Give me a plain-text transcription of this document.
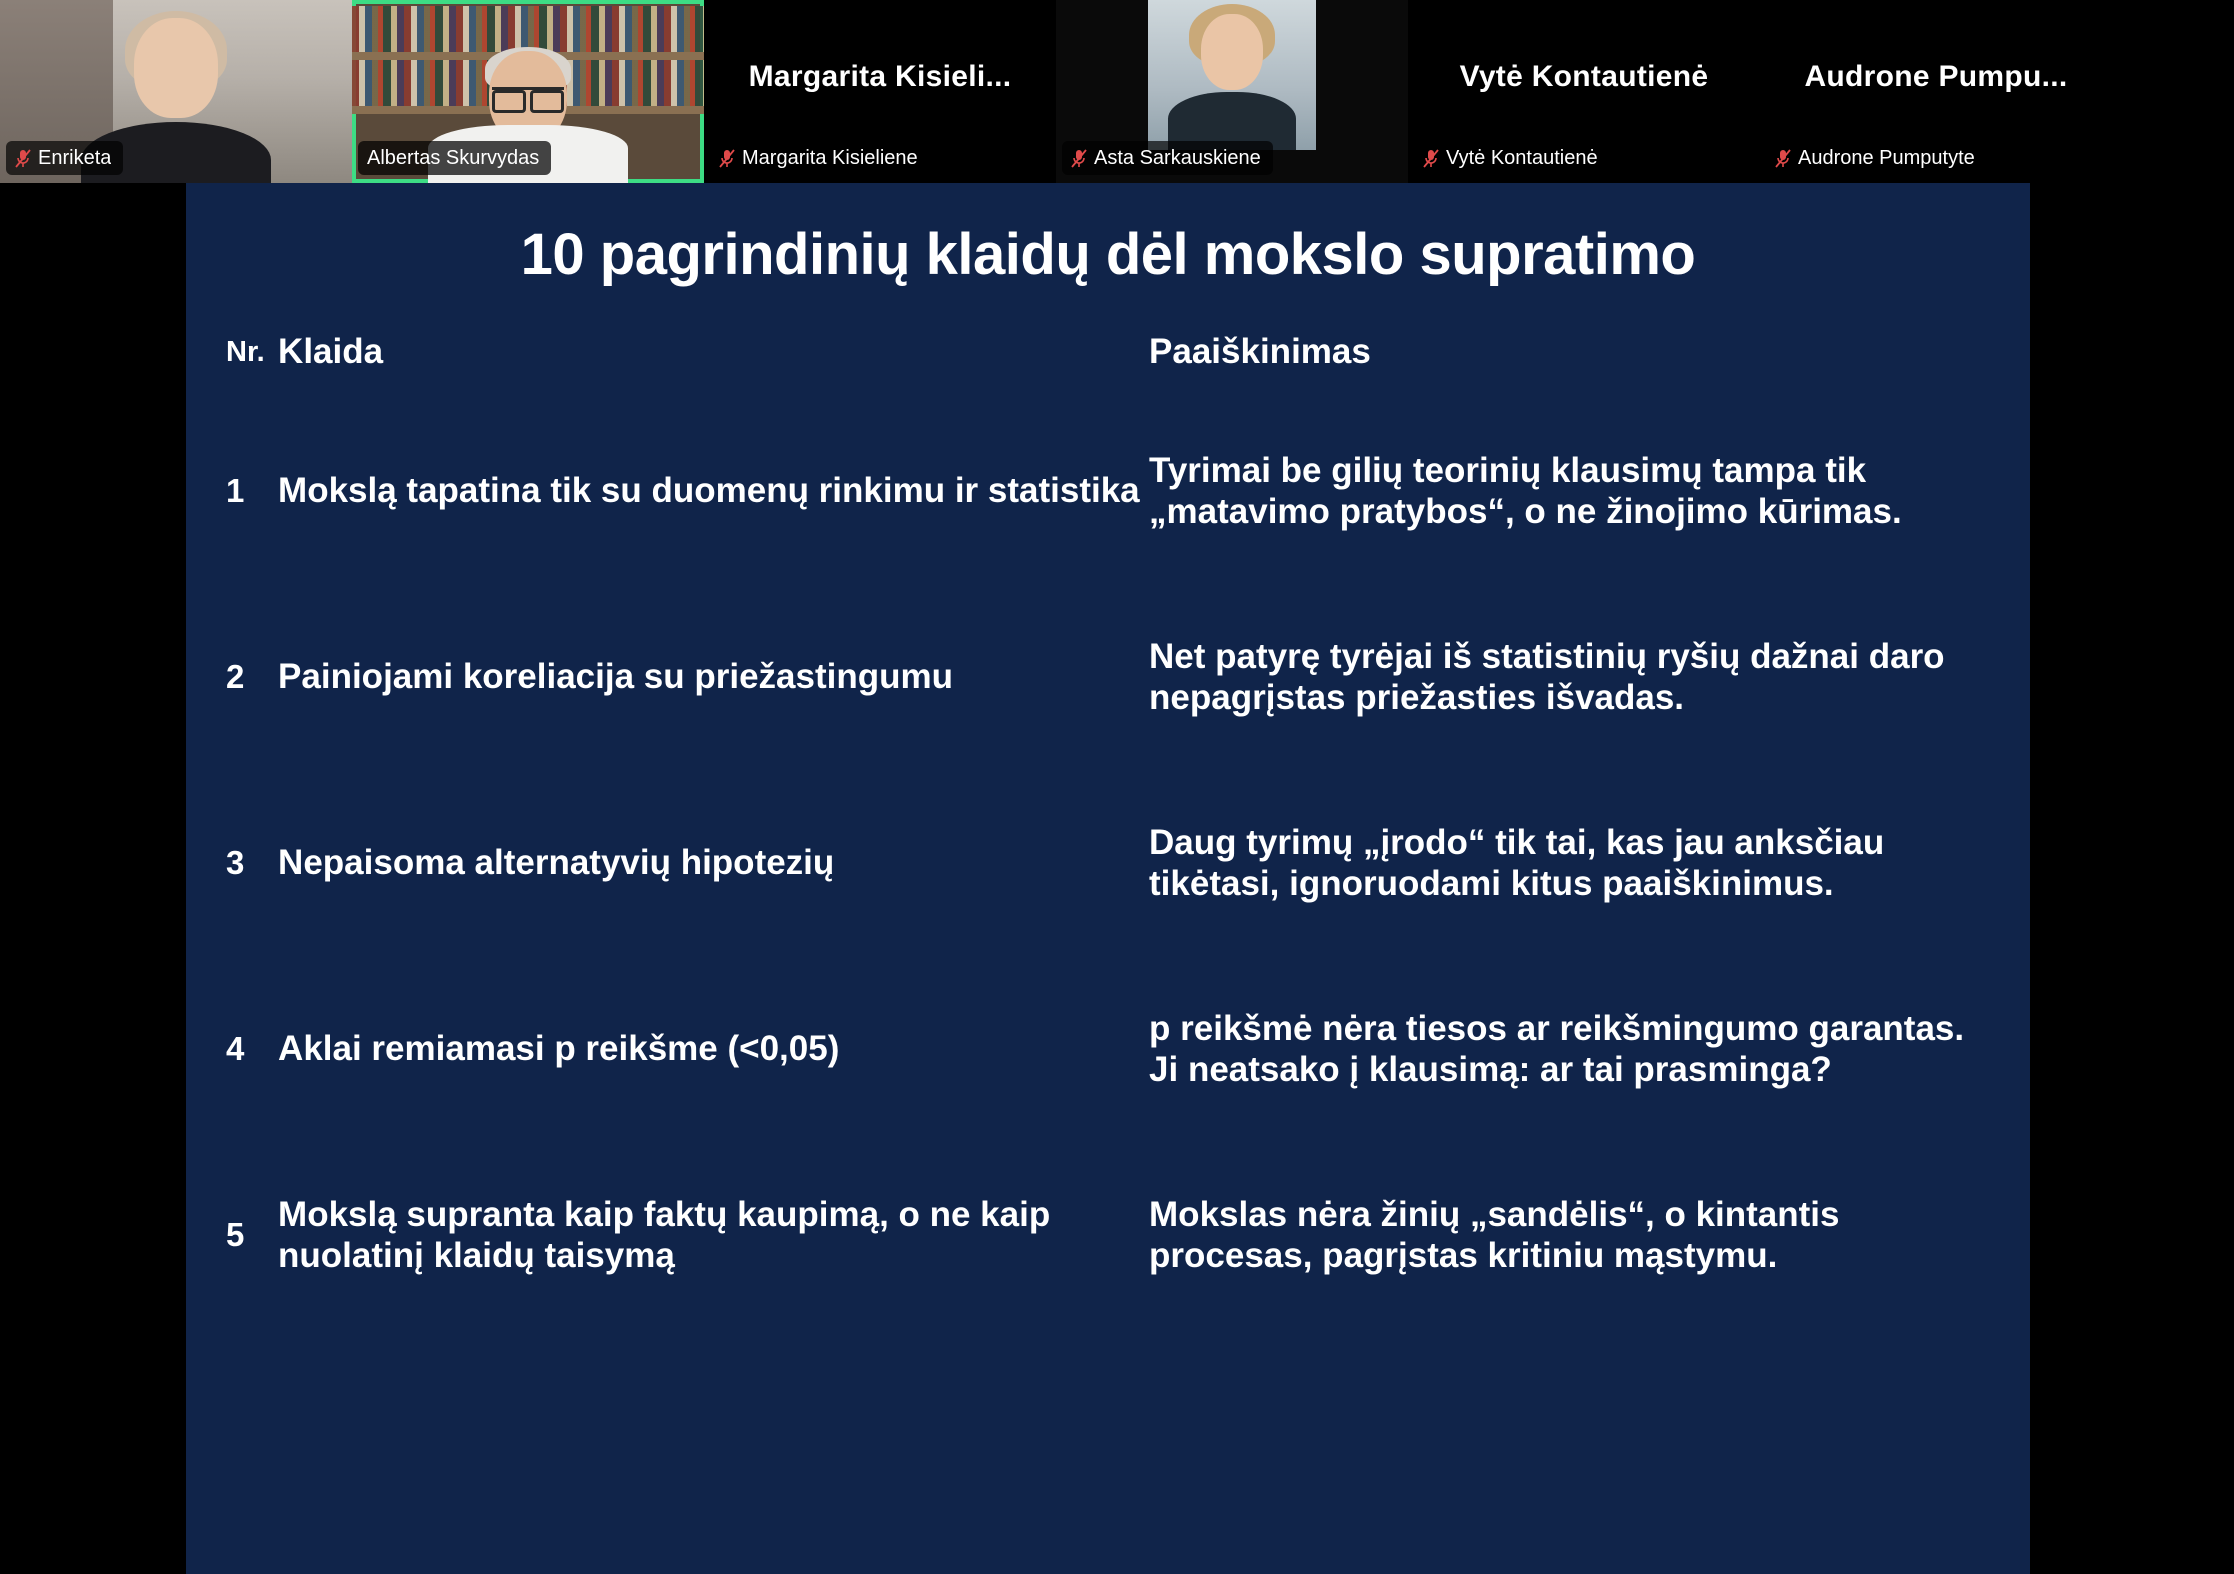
Enriketa	Albertas Skurvydas
Margarita Kisieli...
Margarita Kisieliene	Asta Sarkauskiene
Vytė Kontautienė
Vytė Kontautienė
Audrone Pumpu...
Audrone Pumputyte
10 pagrindinių klaidų dėl mokslo supratimo
Nr.	Klaida	Paaiškinimas
1	Mokslą tapatina tik su duomenų rinkimu ir statistika	Tyrimai be gilių teorinių klausimų tampa tik „matavimo pratybos“, o ne žinojimo kūrimas.
2	Painiojami koreliacija su priežastingumu	Net patyrę tyrėjai iš statistinių ryšių dažnai daro nepagrįstas priežasties išvadas.
3	Nepaisoma alternatyvių hipotezių	Daug tyrimų „įrodo“ tik tai, kas jau anksčiau tikėtasi, ignoruodami kitus paaiškinimus.
4	Aklai remiamasi p reikšme (<0,05)	p reikšmė nėra tiesos ar reikšmingumo garantas. Ji neatsako į klausimą: ar tai prasminga?
5	Mokslą supranta kaip faktų kaupimą, o ne kaip nuolatinį klaidų taisymą	Mokslas nėra žinių „sandėlis“, o kintantis procesas, pagrįstas kritiniu mąstymu.
